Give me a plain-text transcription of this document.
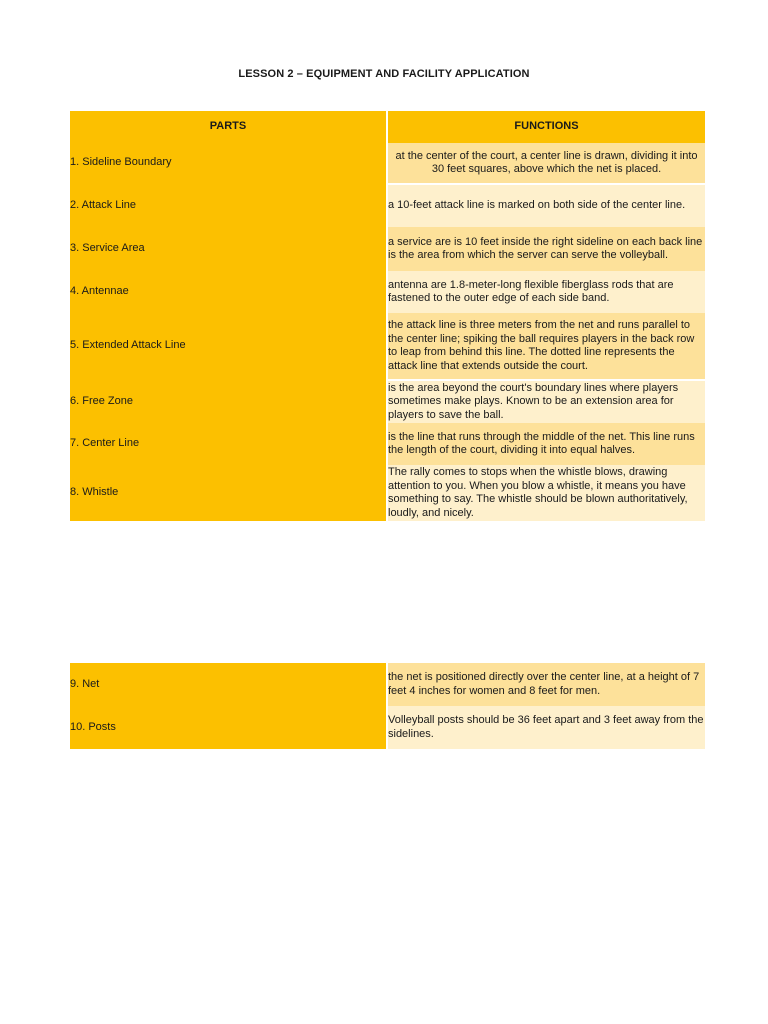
LESSON 2 – EQUIPMENT AND FACILITY APPLICATION
PARTS		FUNCTIONS
1. Sideline Boundary		at the center of the court, a center line is drawn, dividing it into 30 feet squares, above which the net is placed.

2. Attack Line		a 10-feet attack line is marked on both side of the center line.
3. Service Area		a service are is 10 feet inside the right sideline on each back line is the area from which the server can serve the volleyball.
4. Antennae		antenna are 1.8-meter-long flexible fiberglass rods that are fastened to the outer edge of each side band.
5. Extended Attack Line		the attack line is three meters from the net and runs parallel to the center line; spiking the ball requires players in the back row to leap from behind this line. The dotted line represents the attack line that extends outside the court.

6. Free Zone		is the area beyond the court's boundary lines where players sometimes make plays. Known to be an extension area for players to save the ball.
7. Center Line		is the line that runs through the middle of the net. This line runs the length of the court, dividing it into equal halves.
8. Whistle		The rally comes to stops when the whistle blows, drawing attention to you. When you blow a whistle, it means you have something to say. The whistle should be blown authoritatively, loudly, and nicely.
9. Net		the net is positioned directly over the center line, at a height of 7 feet 4 inches for women and 8 feet for men.
10. Posts		Volleyball posts should be 36 feet apart and 3 feet away from the sidelines.
